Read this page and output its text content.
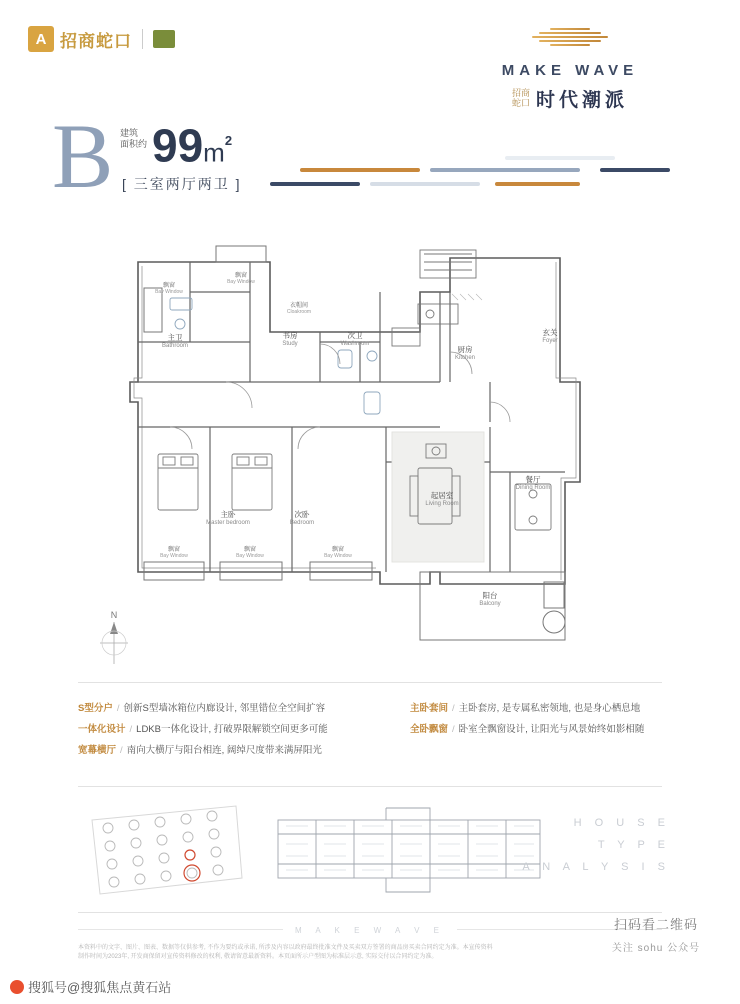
A 招商蛇口
MAKE WAVE
招商
蛇口 时代潮派
B 建筑
面积约 $99m^2$
[ 三室两厅两卫 ]
主卧
Master bedroom
次卧
Bedroom
起居室
Living Room
餐厅
Dining Room
厨房
Kitchen
玄关
Foyer
阳台
Balcony
书房
Study
主卫
Bathroom
次卫
Washroom
飘窗
Bay Window
飘窗
Bay Window
飘窗
Bay Window
飘窗
Bay Window
飘窗
Bay Window
衣帽间
Cloakroom
N
S型分户 / 创新S型墙冰箱位内廊设计, 邻里错位全空间扩容
一体化设计 / LDKB一体化设计, 打破界限解锁空间更多可能
宽幕横厅 / 南向大横厅与阳台相连, 阔绰尺度带来满屏阳光
主卧套间 / 主卧套房, 是专属私密领地, 也是身心栖息地
全卧飘窗 / 卧室全飘窗设计, 让阳光与风景始终如影相随
H O U S E
T Y P E
A N A L Y S I S
M A K E W A V E
本资料中的文字、图片、图表、数据等仅供参考, 不作为要约或承诺, 所涉及内容以政府最终批准文件及买卖双方签署的商品房买卖合同约定为准。本宣传资料制作时间为2023年, 开发商保留对宣传资料修改的权利, 敬请留意最新资料。本页面所示户型图为标准层示意, 实际交付以合同约定为准。
扫码看二维码
关注 sohu 公众号
搜狐号@搜狐焦点黄石站
